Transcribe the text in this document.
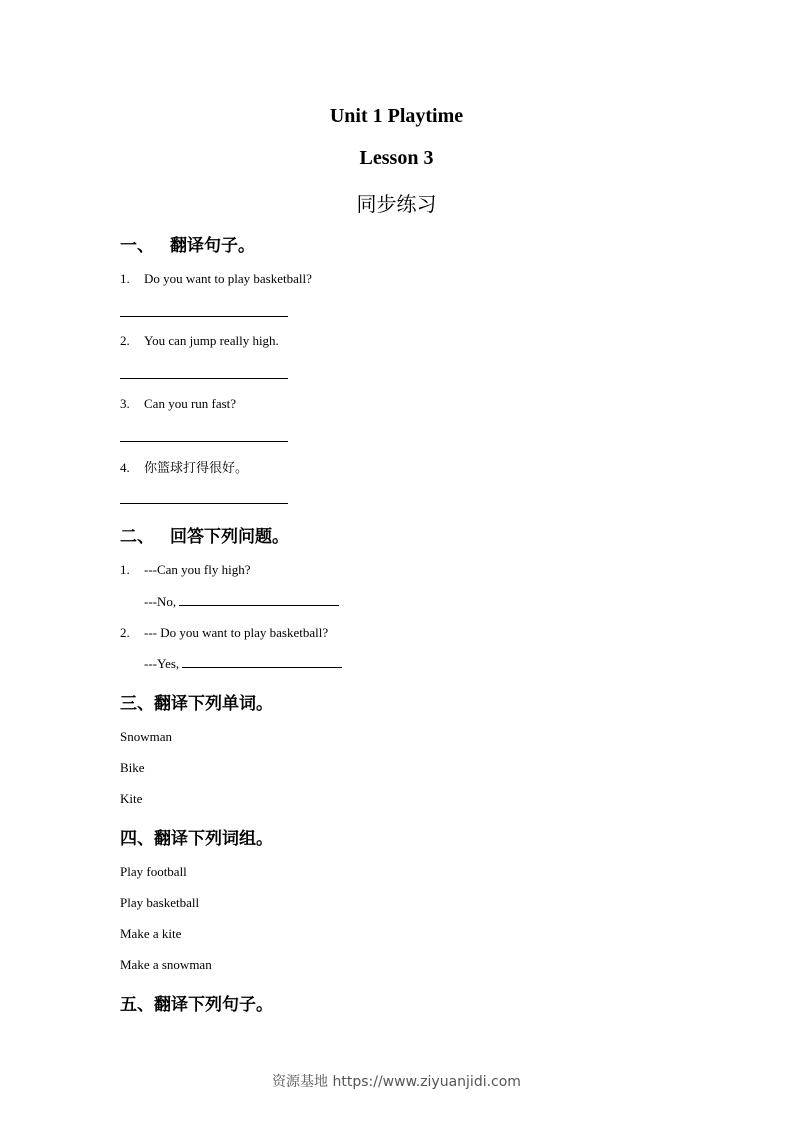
Unit 1 Playtime
Lesson 3
同步练习
一、 翻译句子。
1. Do you want to play basketball?
2. You can jump really high.
3. Can you run fast?
4. 你篮球打得很好。
二、 回答下列问题。
1. ---Can you fly high?
---No,
2. --- Do you want to play basketball?
---Yes,
三、翻译下列单词。
Snowman
Bike
Kite
四、翻译下列词组。
Play football
Play basketball
Make a kite
Make a snowman
五、翻译下列句子。
资源基地 https://www.ziyuanjidi.com
